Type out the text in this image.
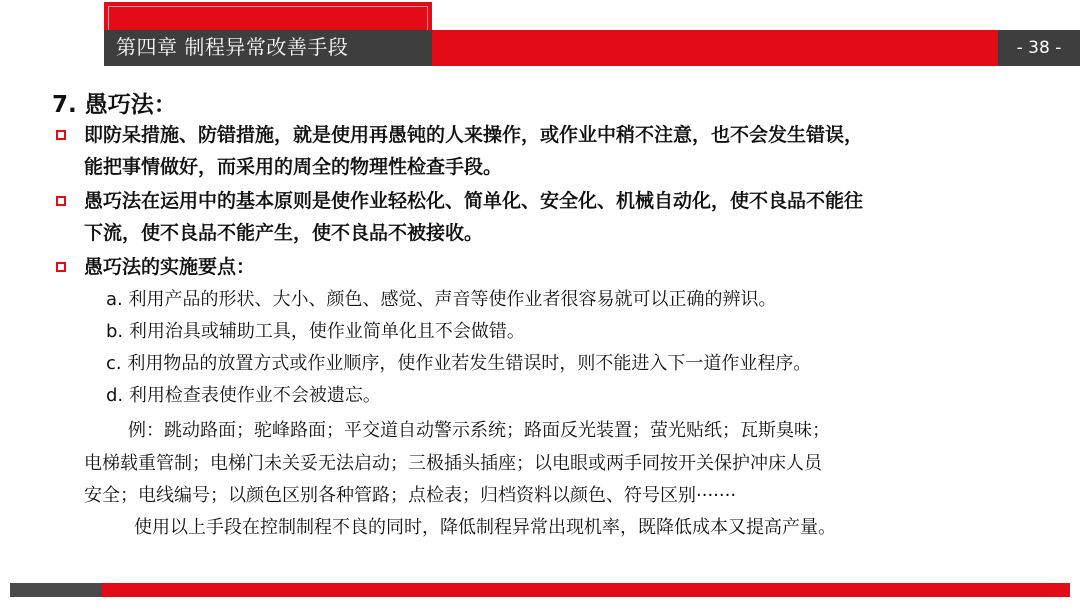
第四章 制程异常改善手段	- 38 -
7. 愚巧法：
即防呆措施、防错措施，就是使用再愚钝的人来操作，或作业中稍不注意，也不会发生错误，
能把事情做好，而采用的周全的物理性检查手段。
愚巧法在运用中的基本原则是使作业轻松化、简单化、安全化、机械自动化，使不良品不能往
下流，使不良品不能产生，使不良品不被接收。
愚巧法的实施要点：
a. 利用产品的形状、大小、颜色、感觉、声音等使作业者很容易就可以正确的辨识。
b. 利用治具或辅助工具，使作业简单化且不会做错。
c. 利用物品的放置方式或作业顺序，使作业若发生错误时，则不能进入下一道作业程序。
d. 利用检查表使作业不会被遗忘。
例：跳动路面；驼峰路面；平交道自动警示系统；路面反光装置；萤光贴纸；瓦斯臭味；
电梯载重管制；电梯门未关妥无法启动；三极插头插座；以电眼或两手同按开关保护冲床人员
安全；电线编号；以颜色区别各种管路；点检表；归档资料以颜色、符号区别·······
使用以上手段在控制制程不良的同时，降低制程异常出现机率，既降低成本又提高产量。
